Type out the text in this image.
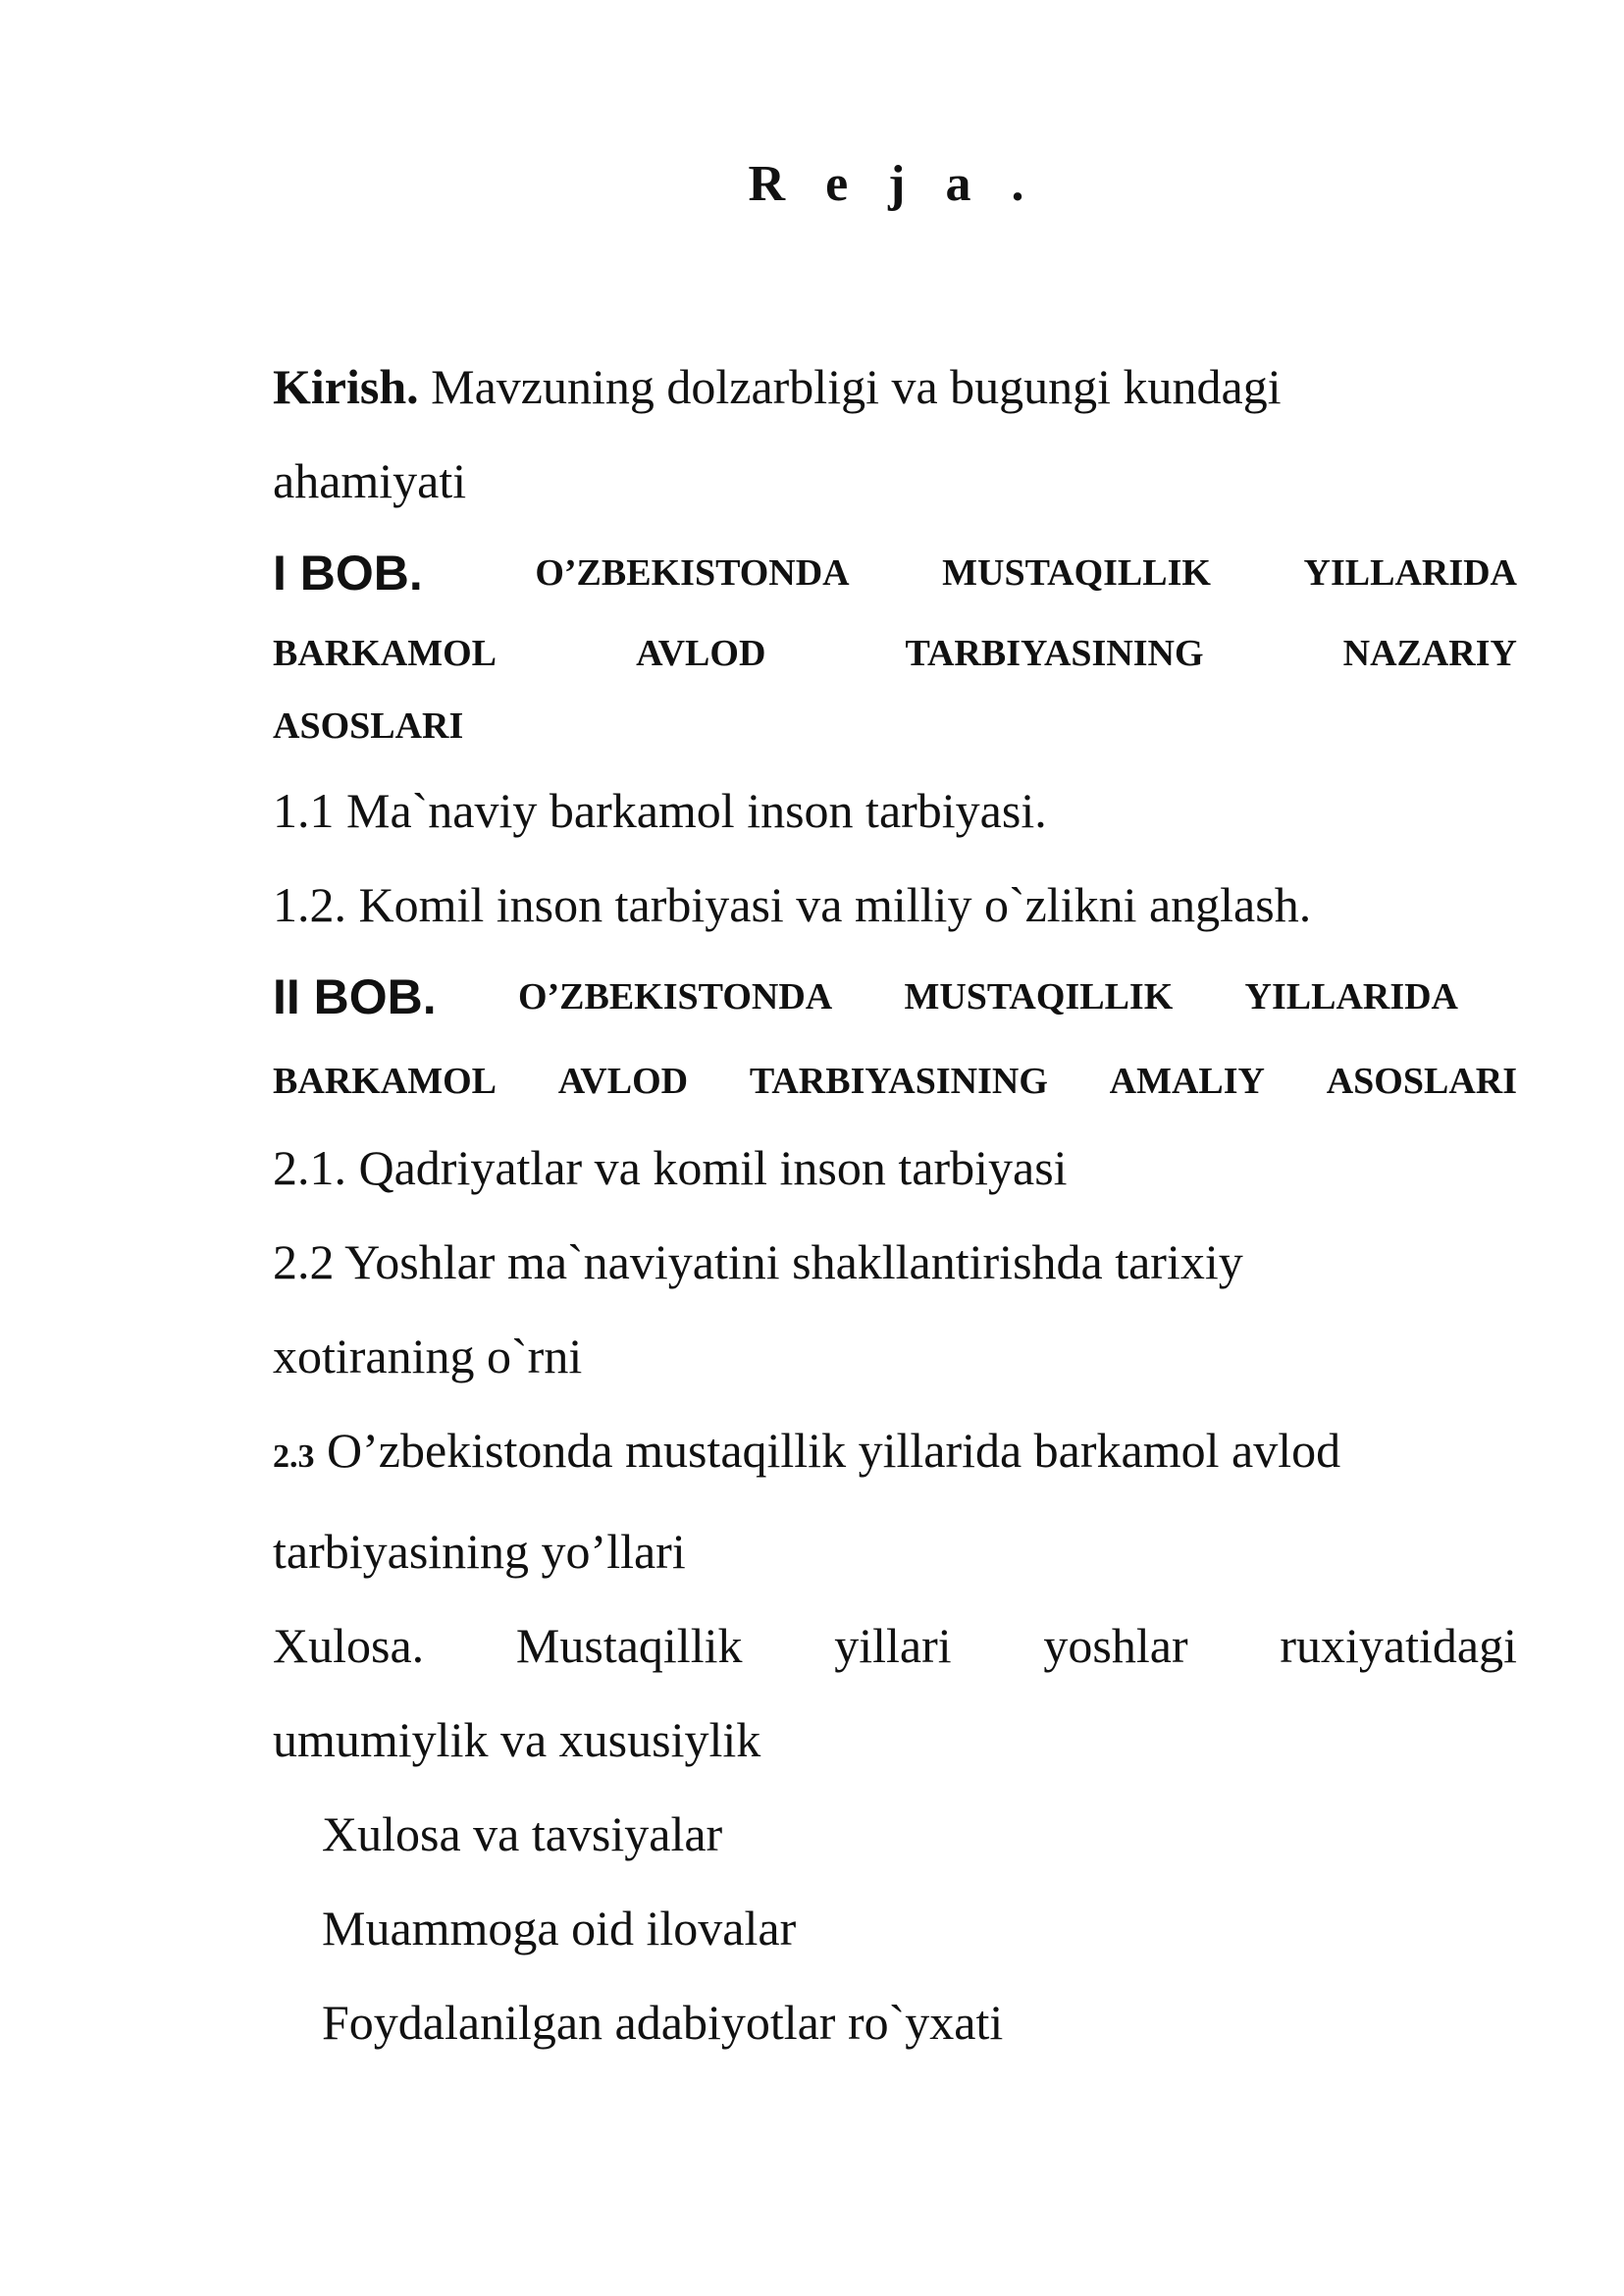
R e j a .
Kirish. Mavzuning dolzarbligi va bugungi kundagi
ahamiyati
I BOB.	O’ZBEKISTONDA MUSTAQILLIK YILLARIDA
BARKAMOL	AVLOD	TARBIYASINING	NAZARIY
ASOSLARI
1.1 Ma`naviy barkamol inson tarbiyasi.
1.2. Komil inson tarbiyasi va milliy o`zlikni anglash.
II BOB. O’ZBEKISTONDA MUSTAQILLIK YILLARIDA
BARKAMOL AVLOD TARBIYASINING AMALIY ASOSLARI
2.1. Qadriyatlar va komil inson tarbiyasi
2.2 Yoshlar ma`naviyatini shakllantirishda tarixiy
xotiraning o`rni
2.3 O’zbekistonda mustaqillik yillarida barkamol avlod
tarbiyasining yo’llari
Xulosa. Mustaqillik yillari yoshlar ruxiyatidagi
umumiylik va xususiylik
Xulosa va tavsiyalar
Muammoga oid ilovalar
Foydalanilgan adabiyotlar ro`yxati
